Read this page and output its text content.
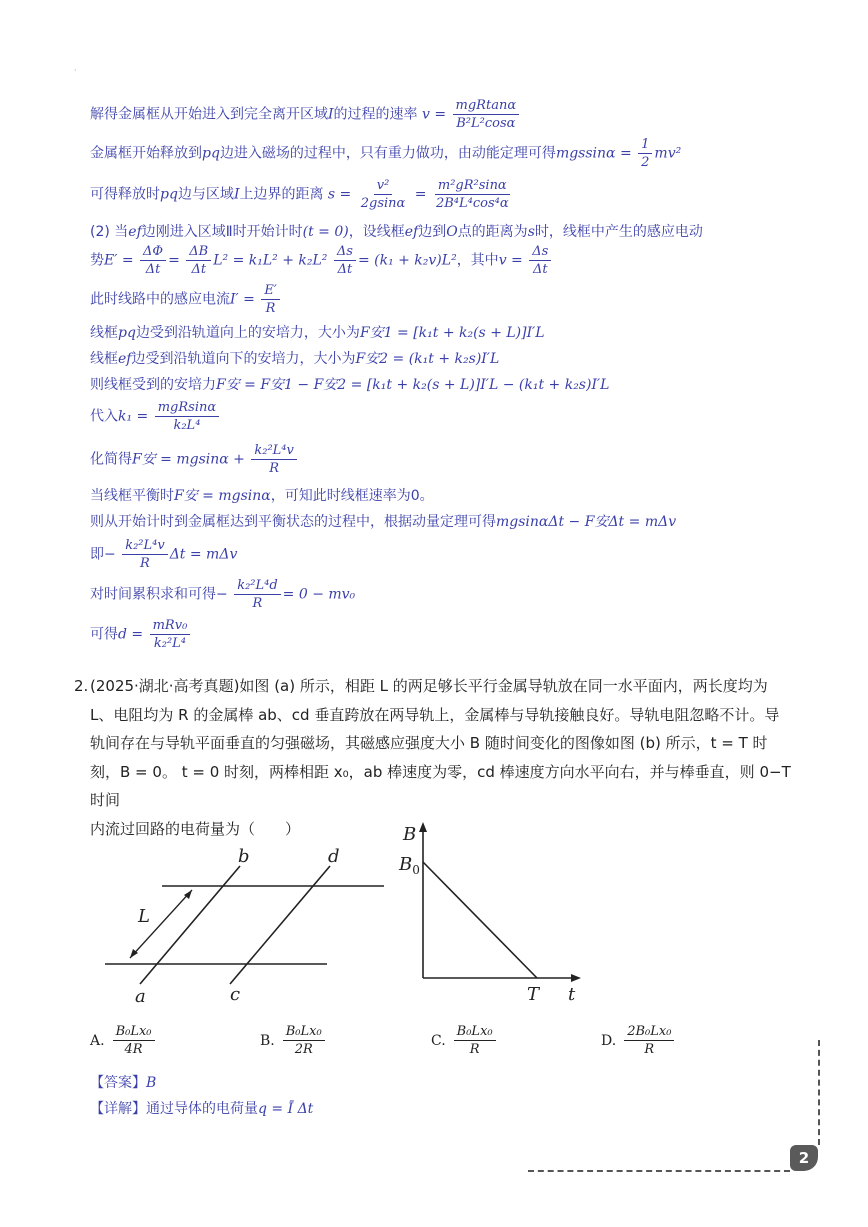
·
解得金属框从开始进入到完全离开区域I的过程的速率 $v = \frac{\text{mgRtanα}}{\text{B²L²cosα}}$
金属框开始释放到pq边进入磁场的过程中，只有重力做功，由动能定理可得$mgssin\alpha = \frac{1}{2} mv^2$
可得释放时pq边与区域I上边界的距离 $s = \frac{\text{v²}}{2gsin\alpha} = \frac{\text{m²gR²sinα}}{\text{2B⁴L⁴cos⁴α}}$
(2) 当ef边刚进入区域Ⅱ时开始计时(t = 0)，设线框ef边到O点的距离为s时，线框中产生的感应电动
势$E' = \frac{\Delta\Phi}{\Delta t} = \frac{\Delta B}{\Delta t} L^2 = k_1L^2 + k_2L^2 \frac{\Delta s}{\Delta t} = (k_1 + k_2v)L^2$，其中$v = \frac{\Delta s}{\Delta t}$
此时线路中的感应电流$I' = \frac{E'}{R}$
线框pq边受到沿轨道向上的安培力，大小为F安1 = [k₁t + k₂(s + L)]I′L
线框ef边受到沿轨道向下的安培力，大小为F安2 = (k₁t + k₂s)I′L
则线框受到的安培力F安 = F安1 − F安2 = [k₁t + k₂(s + L)]I′L − (k₁t + k₂s)I′L
代入$k_1 = \frac{\text{mgRsinα}}{\text{k₂L⁴}}$
化简得F安 = $mgsin\alpha + \frac{\text{k₂²L⁴v}}{R}$
当线框平衡时F安 = mgsinα，可知此时线框速率为0。
则从开始计时到金属框达到平衡状态的过程中，根据动量定理可得mgsinαΔt − F安Δt = mΔv
即− $\frac{\text{k₂²L⁴v}}{R}$ Δt = mΔv
对时间累积求和可得− $\frac{\text{k₂²L⁴d}}{R} = 0 - mv_0$
可得$d = \frac{\text{mRv₀}}{\text{k₂²L⁴}}$
2. (2025·湖北·高考真题)如图 (a) 所示，相距 L 的两足够长平行金属导轨放在同一水平面内，两长度均为
L、电阻均为 R 的金属棒 ab、cd 垂直跨放在两导轨上，金属棒与导轨接触良好。导轨电阻忽略不计。导
轨间存在与导轨平面垂直的匀强磁场，其磁感应强度大小 B 随时间变化的图像如图 (b) 所示，t = T 时
刻，B = 0。 t = 0 时刻，两棒相距 x₀，ab 棒速度为零，cd 棒速度方向水平向右，并与棒垂直，则 0−T 时间
内流过回路的电荷量为（　　）
a
b
c
d
L
B
$B_0$
T t
A. $\frac{\text{B₀Lx₀}}{4R}$	B. $\frac{\text{B₀Lx₀}}{2R}$	C. $\frac{\text{B₀Lx₀}}{R}$	D. $\frac{\text{2B₀Lx₀}}{R}$
【答案】B
【详解】通过导体的电荷量q = Ī Δt
2
